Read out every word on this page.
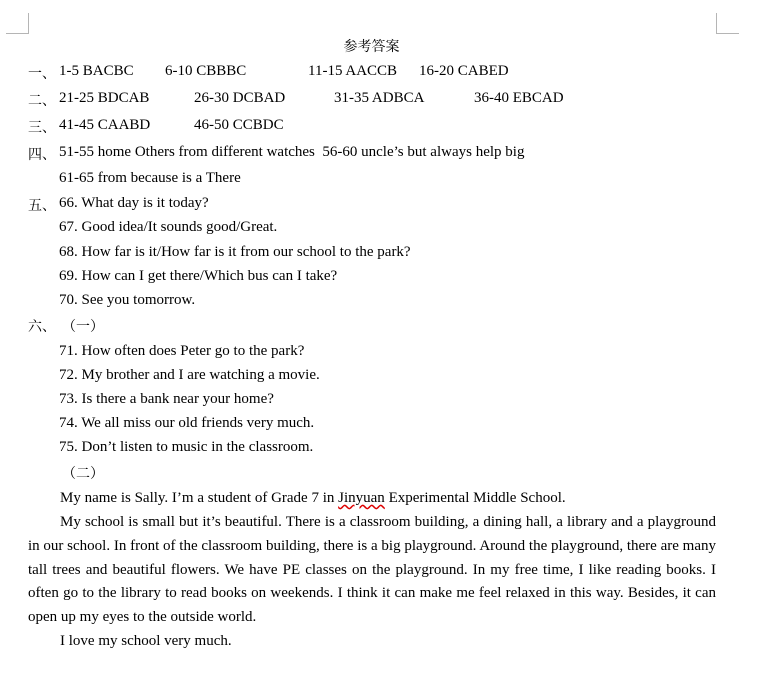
参考答案
一、 1-5 BACBC 6-10 CBBBC	11-15 AACCB 16-20 CABED
二、 21-25 BDCAB	26-30 DCBAD	31-35 ADBCA	36-40 EBCAD
三、 41-45 CAABD	46-50 CCBDC
四、 51-55 home Others from different watches  56-60 uncle’s but always help big
61-65 from because is a There
五、 66. What day is it today?
67. Good idea/It sounds good/Great.
68. How far is it/How far is it from our school to the park?
69. How can I get there/Which bus can I take?
70. See you tomorrow.
六、 （一）
71. How often does Peter go to the park?
72. My brother and I are watching a movie.
73. Is there a bank near your home?
74. We all miss our old friends very much.
75. Don’t listen to music in the classroom.
（二）
My name is Sally. I’m a student of Grade 7 in Jinyuan Experimental Middle School.
My school is small but it’s beautiful. There is a classroom building, a dining hall, a library and a playground in our school. In front of the classroom building, there is a big playground. Around the playground, there are many tall trees and beautiful flowers. We have PE classes on the playground. In my free time, I like reading books. I often go to the library to read books on weekends. I think it can make me feel relaxed in this way. Besides, it can open up my eyes to the outside world.
I love my school very much.
